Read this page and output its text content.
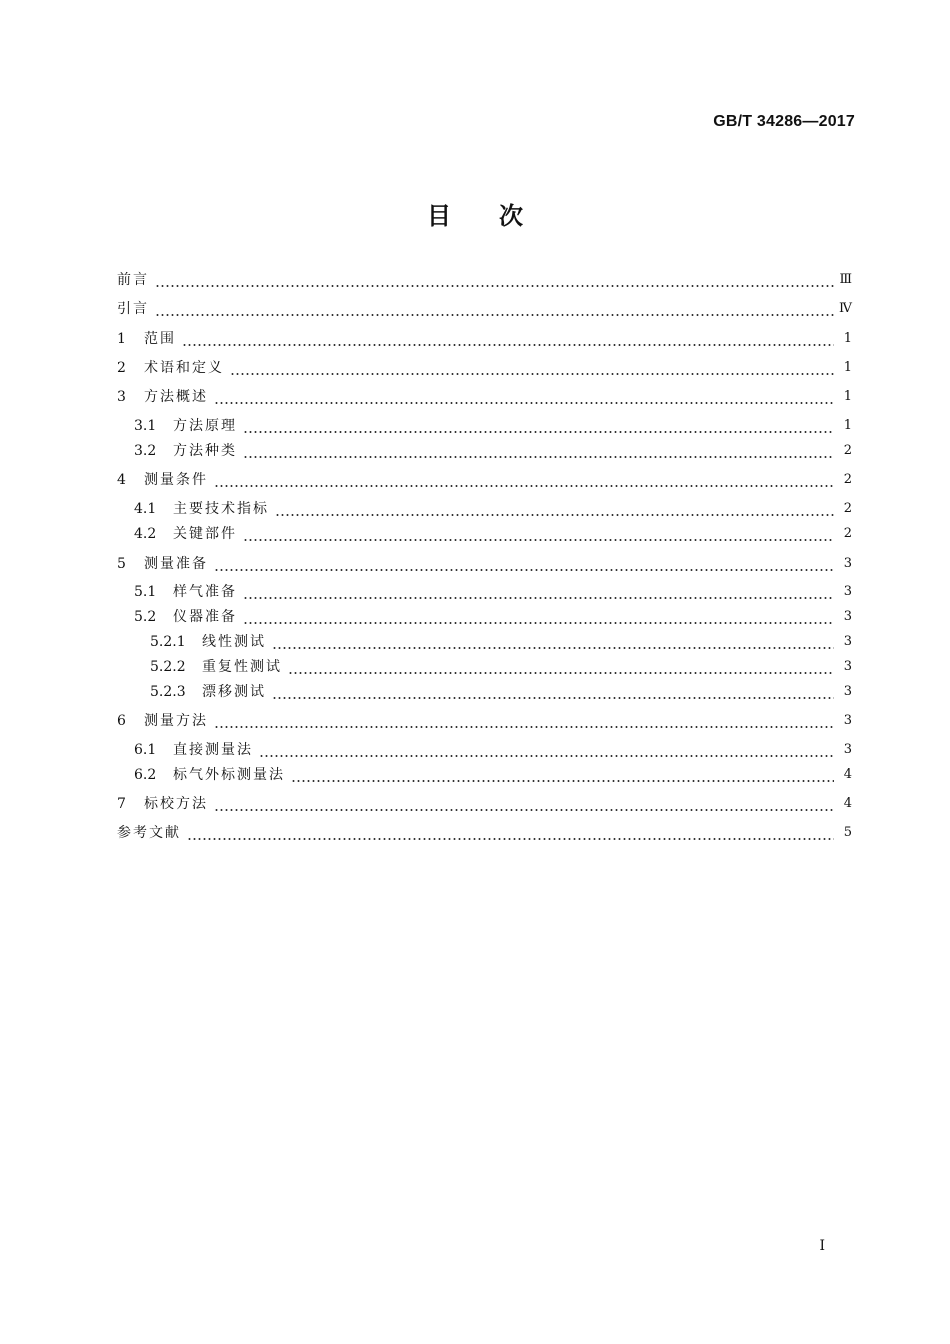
GB/T 34286—2017
目次
前言	Ⅲ
引言	Ⅳ
1	范围	1
2	术语和定义	1
3	方法概述	1
3.1	方法原理	1
3.2	方法种类	2
4	测量条件	2
4.1	主要技术指标	2
4.2	关键部件	2
5	测量准备	3
5.1	样气准备	3
5.2	仪器准备	3
5.2.1	线性测试	3
5.2.2	重复性测试	3
5.2.3	漂移测试	3
6	测量方法	3
6.1	直接测量法	3
6.2	标气外标测量法	4
7	标校方法	4
参考文献	5
I
